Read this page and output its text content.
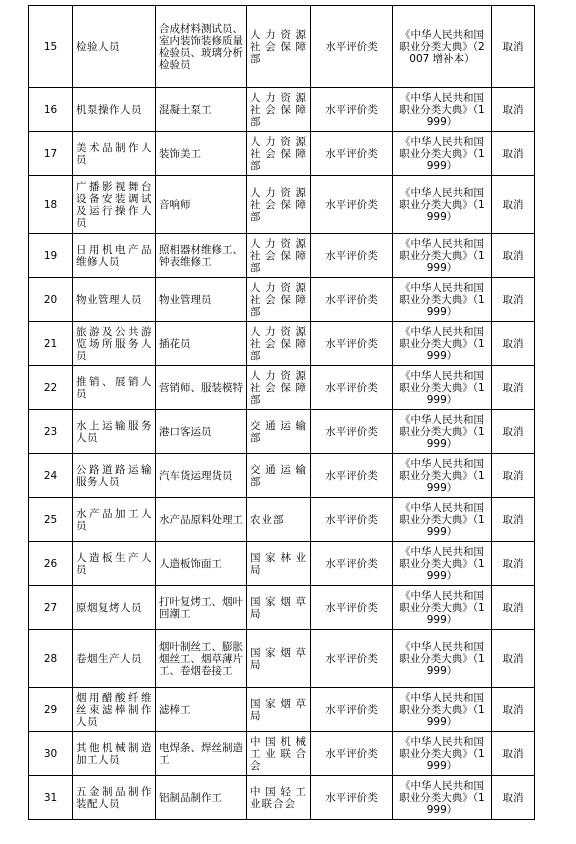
15	检验人员	合成材料测试员、室内装饰装修质量检验员、玻璃分析检验员	人力资源社会保障部	水平评价类	《中华人民共和国职业分类大典》（2007 增补本）	取消
16	机泵操作人员	混凝土泵工	人力资源社会保障部	水平评价类	《中华人民共和国职业分类大典》（1999）	取消
17	美术品制作人员	装饰美工	人力资源社会保障部	水平评价类	《中华人民共和国职业分类大典》（1999）	取消
18	广播影视舞台设备安装调试及运行操作人员	音响师	人力资源社会保障部	水平评价类	《中华人民共和国职业分类大典》（1999）	取消
19	日用机电产品维修人员	照相器材维修工、钟表维修工	人力资源社会保障部	水平评价类	《中华人民共和国职业分类大典》（1999）	取消
20	物业管理人员	物业管理员	人力资源社会保障部	水平评价类	《中华人民共和国职业分类大典》（1999）	取消
21	旅游及公共游览场所服务人员	插花员	人力资源社会保障部	水平评价类	《中华人民共和国职业分类大典》（1999）	取消
22	推销、展销人员	营销师、服装模特	人力资源社会保障部	水平评价类	《中华人民共和国职业分类大典》（1999）	取消
23	水上运输服务人员	港口客运员	交通运输部	水平评价类	《中华人民共和国职业分类大典》（1999）	取消
24	公路道路运输服务人员	汽车货运理货员	交通运输部	水平评价类	《中华人民共和国职业分类大典》（1999）	取消
25	水产品加工人员	水产品原料处理工	农业部	水平评价类	《中华人民共和国职业分类大典》（1999）	取消
26	人造板生产人员	人造板饰面工	国家林业局	水平评价类	《中华人民共和国职业分类大典》（1999）	取消
27	原烟复烤人员	打叶复烤工、烟叶回潮工	国家烟草局	水平评价类	《中华人民共和国职业分类大典》（1999）	取消
28	卷烟生产人员	烟叶制丝工、膨胀烟丝工、烟草薄片工、卷烟卷接工	国家烟草局	水平评价类	《中华人民共和国职业分类大典》（1999）	取消
29	烟用醋酸纤维丝束滤棒制作人员	滤棒工	国家烟草局	水平评价类	《中华人民共和国职业分类大典》（1999）	取消
30	其他机械制造加工人员	电焊条、焊丝制造工	中国机械工业联合会	水平评价类	《中华人民共和国职业分类大典》（1999）	取消
31	五金制品制作装配人员	铝制品制作工	中国轻工业联合会	水平评价类	《中华人民共和国职业分类大典》（1999）	取消
